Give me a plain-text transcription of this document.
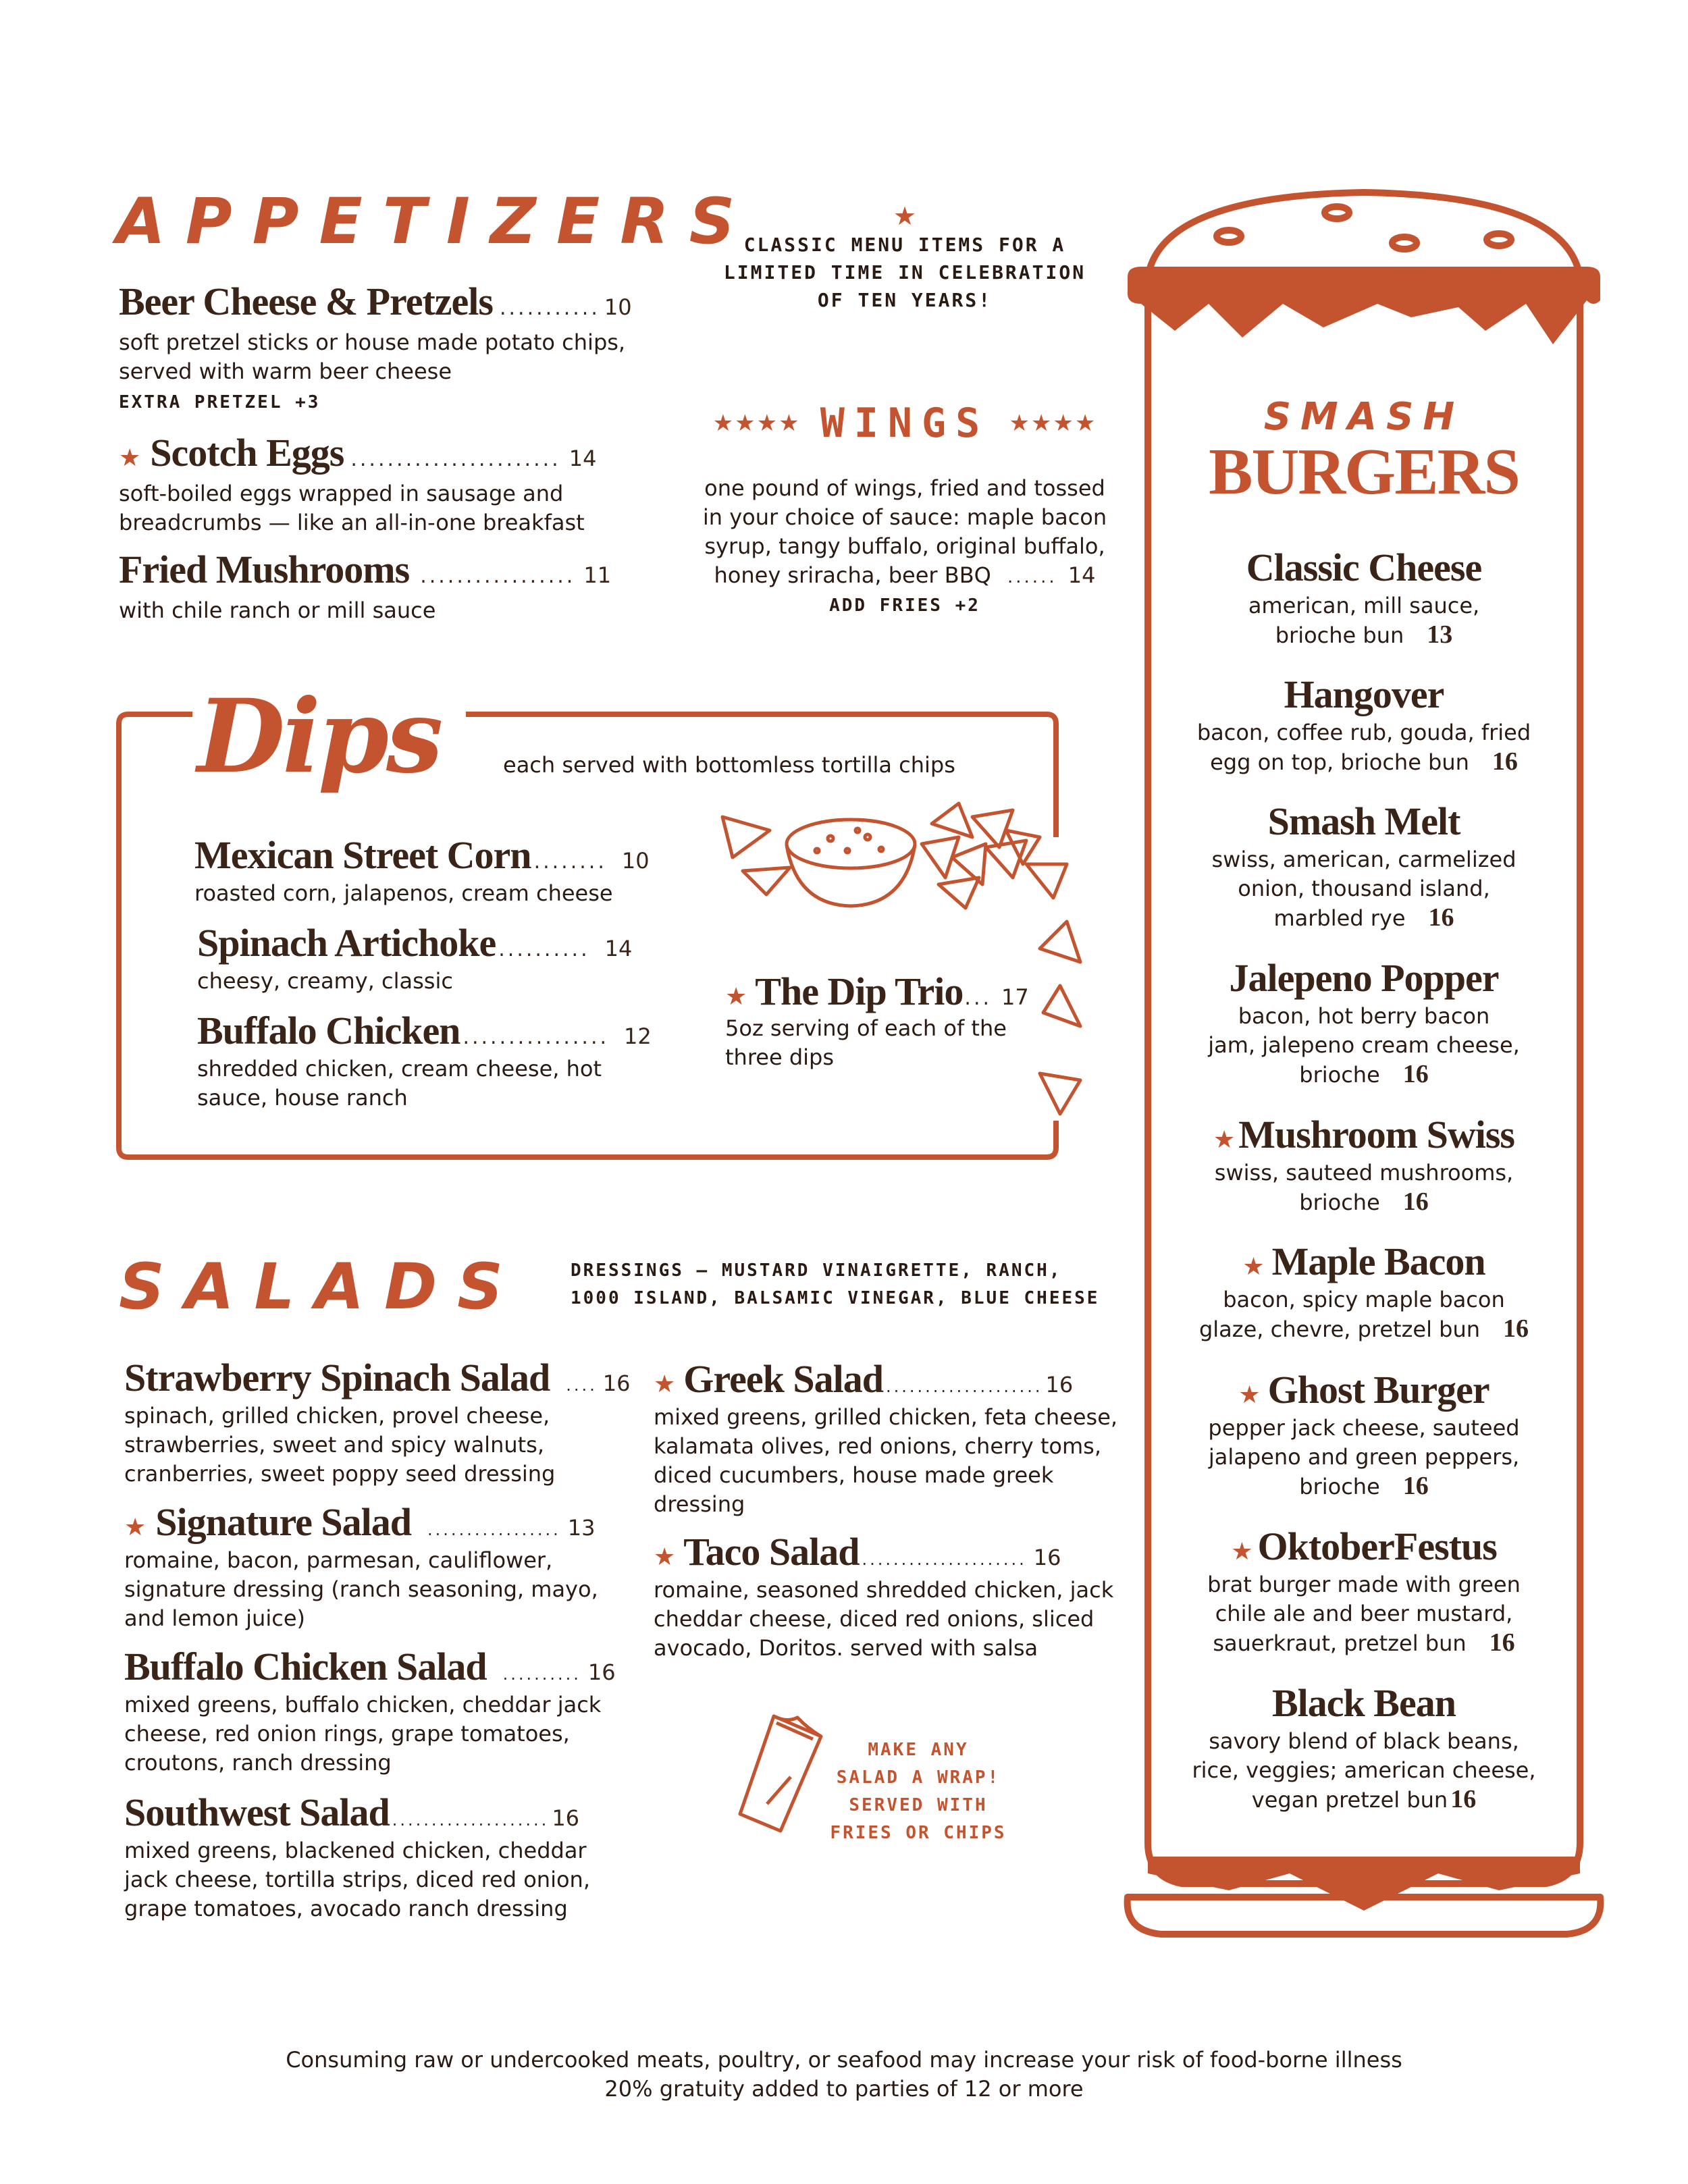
APPETIZERS
Beer Cheese & Pretzels ........... 10
soft pretzel sticks or house made potato chips,
served with warm beer cheese
EXTRA PRETZEL +3
★ Scotch Eggs ....................... 14
soft-boiled eggs wrapped in sausage and
breadcrumbs — like an all-in-one breakfast
Fried Mushrooms ................. 11
with chile ranch or mill sauce
★
CLASSIC MENU ITEMS FOR A
LIMITED TIME IN CELEBRATION
OF TEN YEARS!
★★★★ WINGS ★★★★
one pound of wings, fried and tossed
in your choice of sauce: maple bacon
syrup, tangy buffalo, original buffalo,
honey sriracha, beer BBQ ...... 14
ADD FRIES +2
Dips	each served with bottomless tortilla chips
Mexican Street Corn ........ 10
roasted corn, jalapenos, cream cheese
Spinach Artichoke .......... 14
cheesy, creamy, classic
Buffalo Chicken ................ 12
shredded chicken, cream cheese, hot
sauce, house ranch
★ The Dip Trio ... 17
5oz serving of each of the
three dips
SALADS	DRESSINGS — MUSTARD VINAIGRETTE, RANCH,
1000 ISLAND, BALSAMIC VINEGAR, BLUE CHEESE
Strawberry Spinach Salad .... 16
spinach, grilled chicken, provel cheese,
strawberries, sweet and spicy walnuts,
cranberries, sweet poppy seed dressing
★ Signature Salad ................. 13
romaine, bacon, parmesan, cauliflower,
signature dressing (ranch seasoning, mayo,
and lemon juice)
Buffalo Chicken Salad .......... 16
mixed greens, buffalo chicken, cheddar jack
cheese, red onion rings, grape tomatoes,
croutons, ranch dressing
Southwest Salad .................... 16
mixed greens, blackened chicken, cheddar
jack cheese, tortilla strips, diced red onion,
grape tomatoes, avocado ranch dressing
★ Greek Salad .................... 16
mixed greens, grilled chicken, feta cheese,
kalamata olives, red onions, cherry toms,
diced cucumbers, house made greek
dressing
★ Taco Salad ..................... 16
romaine, seasoned shredded chicken, jack
cheddar cheese, diced red onions, sliced
avocado, Doritos. served with salsa
MAKE ANY
SALAD A WRAP!
SERVED WITH
FRIES OR CHIPS
SMASH
BURGERS
Classic Cheese
american, mill sauce,
brioche bun 13
Hangover
bacon, coffee rub, gouda, fried
egg on top, brioche bun 16
Smash Melt
swiss, american, carmelized
onion, thousand island,
marbled rye 16
Jalepeno Popper
bacon, hot berry bacon
jam, jalepeno cream cheese,
brioche 16
★ Mushroom Swiss
swiss, sauteed mushrooms,
brioche 16
★ Maple Bacon
bacon, spicy maple bacon
glaze, chevre, pretzel bun 16
★ Ghost Burger
pepper jack cheese, sauteed
jalapeno and green peppers,
brioche 16
★ OktoberFestus
brat burger made with green
chile ale and beer mustard,
sauerkraut, pretzel bun 16
Black Bean
savory blend of black beans,
rice, veggies; american cheese,
vegan pretzel bun 16
Consuming raw or undercooked meats, poultry, or seafood may increase your risk of food-borne illness
20% gratuity added to parties of 12 or more
